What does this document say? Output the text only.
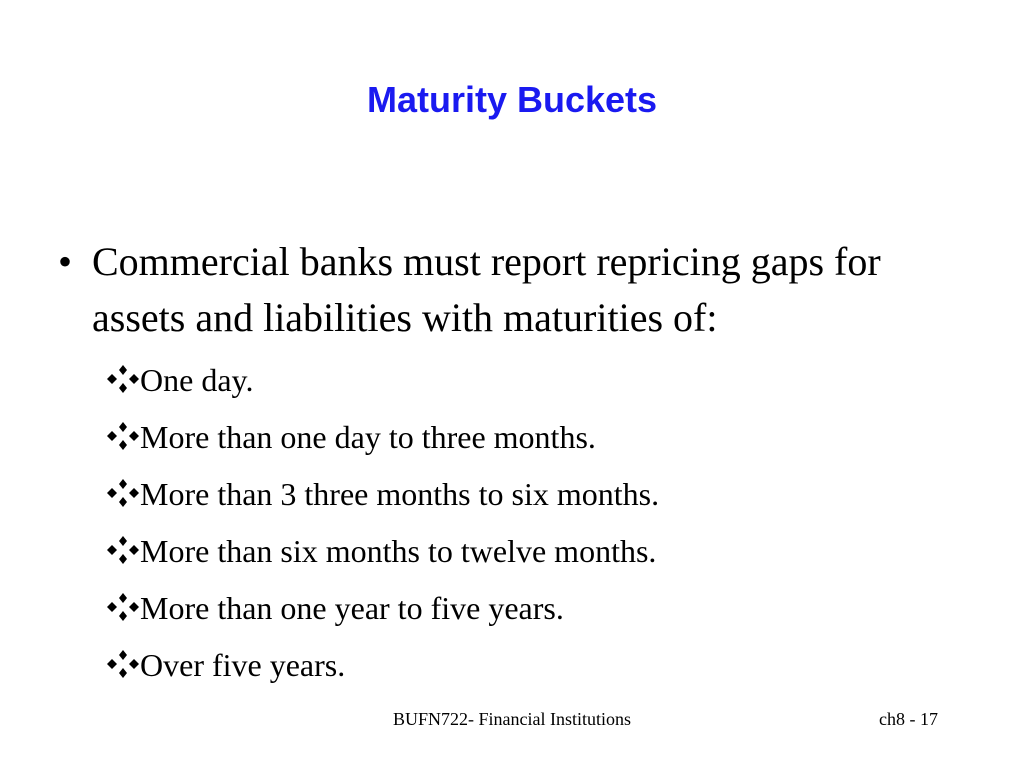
Maturity Buckets
• Commercial banks must report repricing gaps for assets and liabilities with maturities of:
One day.
More than one day to three months.
More than 3 three months to six months.
More than six months to twelve months.
More than one year to five years.
Over five years.
BUFN722- Financial Institutions	ch8 - 17
